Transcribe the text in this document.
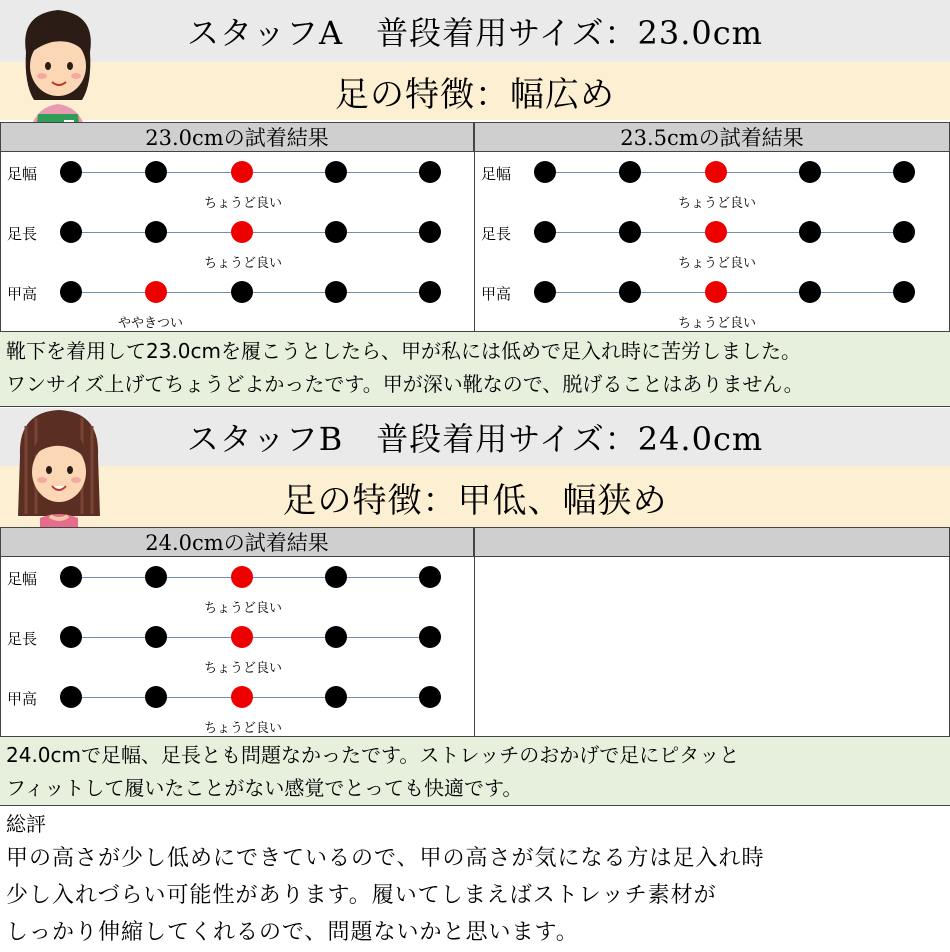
スタッフA　普段着用サイズ：23.0cm
足の特徴：幅広め
23.0cmの試着結果	23.5cmの試着結果
足幅
ちょうど良い
足長
ちょうど良い
甲高
ややきつい
足幅
ちょうど良い
足長
ちょうど良い
甲高
ちょうど良い
靴下を着用して23.0cmを履こうとしたら、甲が私には低めで足入れ時に苦労しました。
ワンサイズ上げてちょうどよかったです。甲が深い靴なので、脱げることはありません。
スタッフB　普段着用サイズ：24.0cm
足の特徴：甲低、幅狭め
24.0cmの試着結果
足幅
ちょうど良い
足長
ちょうど良い
甲高
ちょうど良い
24.0cmで足幅、足長とも問題なかったです。ストレッチのおかげで足にピタッと
フィットして履いたことがない感覚でとっても快適です。
総評
甲の高さが少し低めにできているので、甲の高さが気になる方は足入れ時
少し入れづらい可能性があります。履いてしまえばストレッチ素材が
しっかり伸縮してくれるので、問題ないかと思います。
